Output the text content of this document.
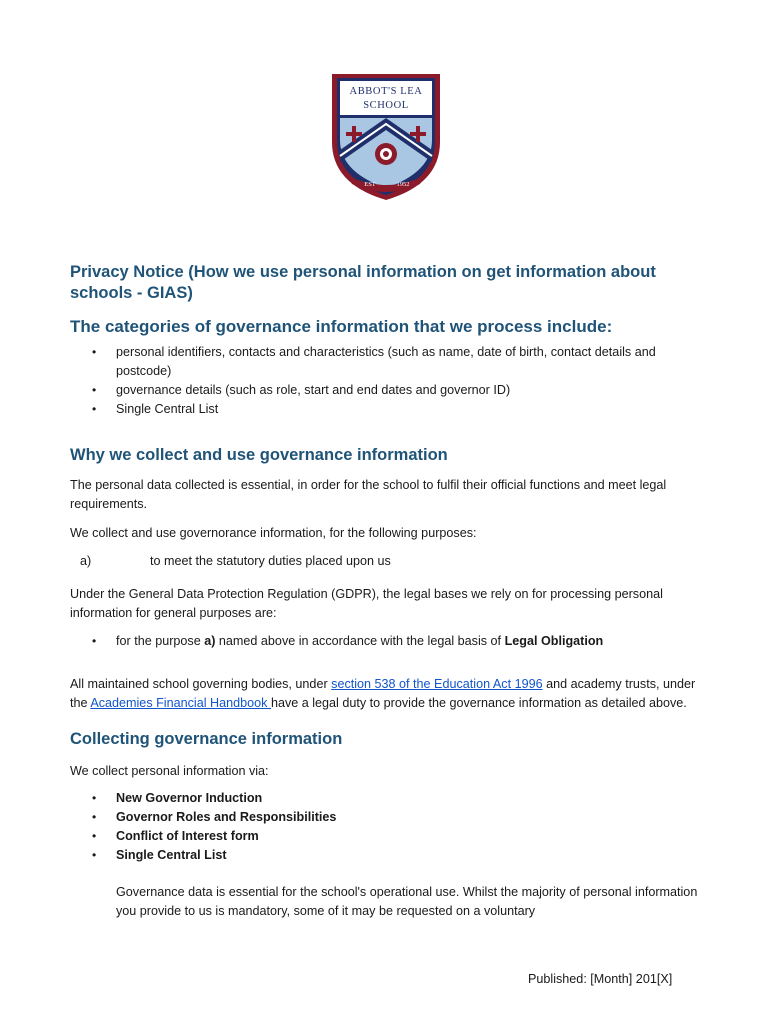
ABBOT'S LEA
SCHOOL
EST	1952
Privacy Notice (How we use personal information on get information about schools - GIAS)
The categories of governance information that we process include:
• personal identifiers, contacts and characteristics (such as name, date of birth, contact details and postcode)
• governance details (such as role, start and end dates and governor ID)
• Single Central List
Why we collect and use governance information

The personal data collected is essential, in order for the school to fulfil their official functions and meet legal requirements.

We collect and use governorance information, for the following purposes:

a)	to meet the statutory duties placed upon us

Under the General Data Protection Regulation (GDPR), the legal bases we rely on for processing personal information for general purposes are:

• for the purpose a) named above in accordance with the legal basis of Legal Obligation

All maintained school governing bodies, under section 538 of the Education Act 1996 and academy trusts, under the Academies Financial Handbook have a legal duty to provide the governance information as detailed above.

Collecting governance information

We collect personal information via:

• New Governor Induction
• Governor Roles and Responsibilities
• Conflict of Interest form
• Single Central List

Governance data is essential for the school's operational use. Whilst the majority of personal information you provide to us is mandatory, some of it may be requested on a voluntary

Published: [Month] 201[X]
